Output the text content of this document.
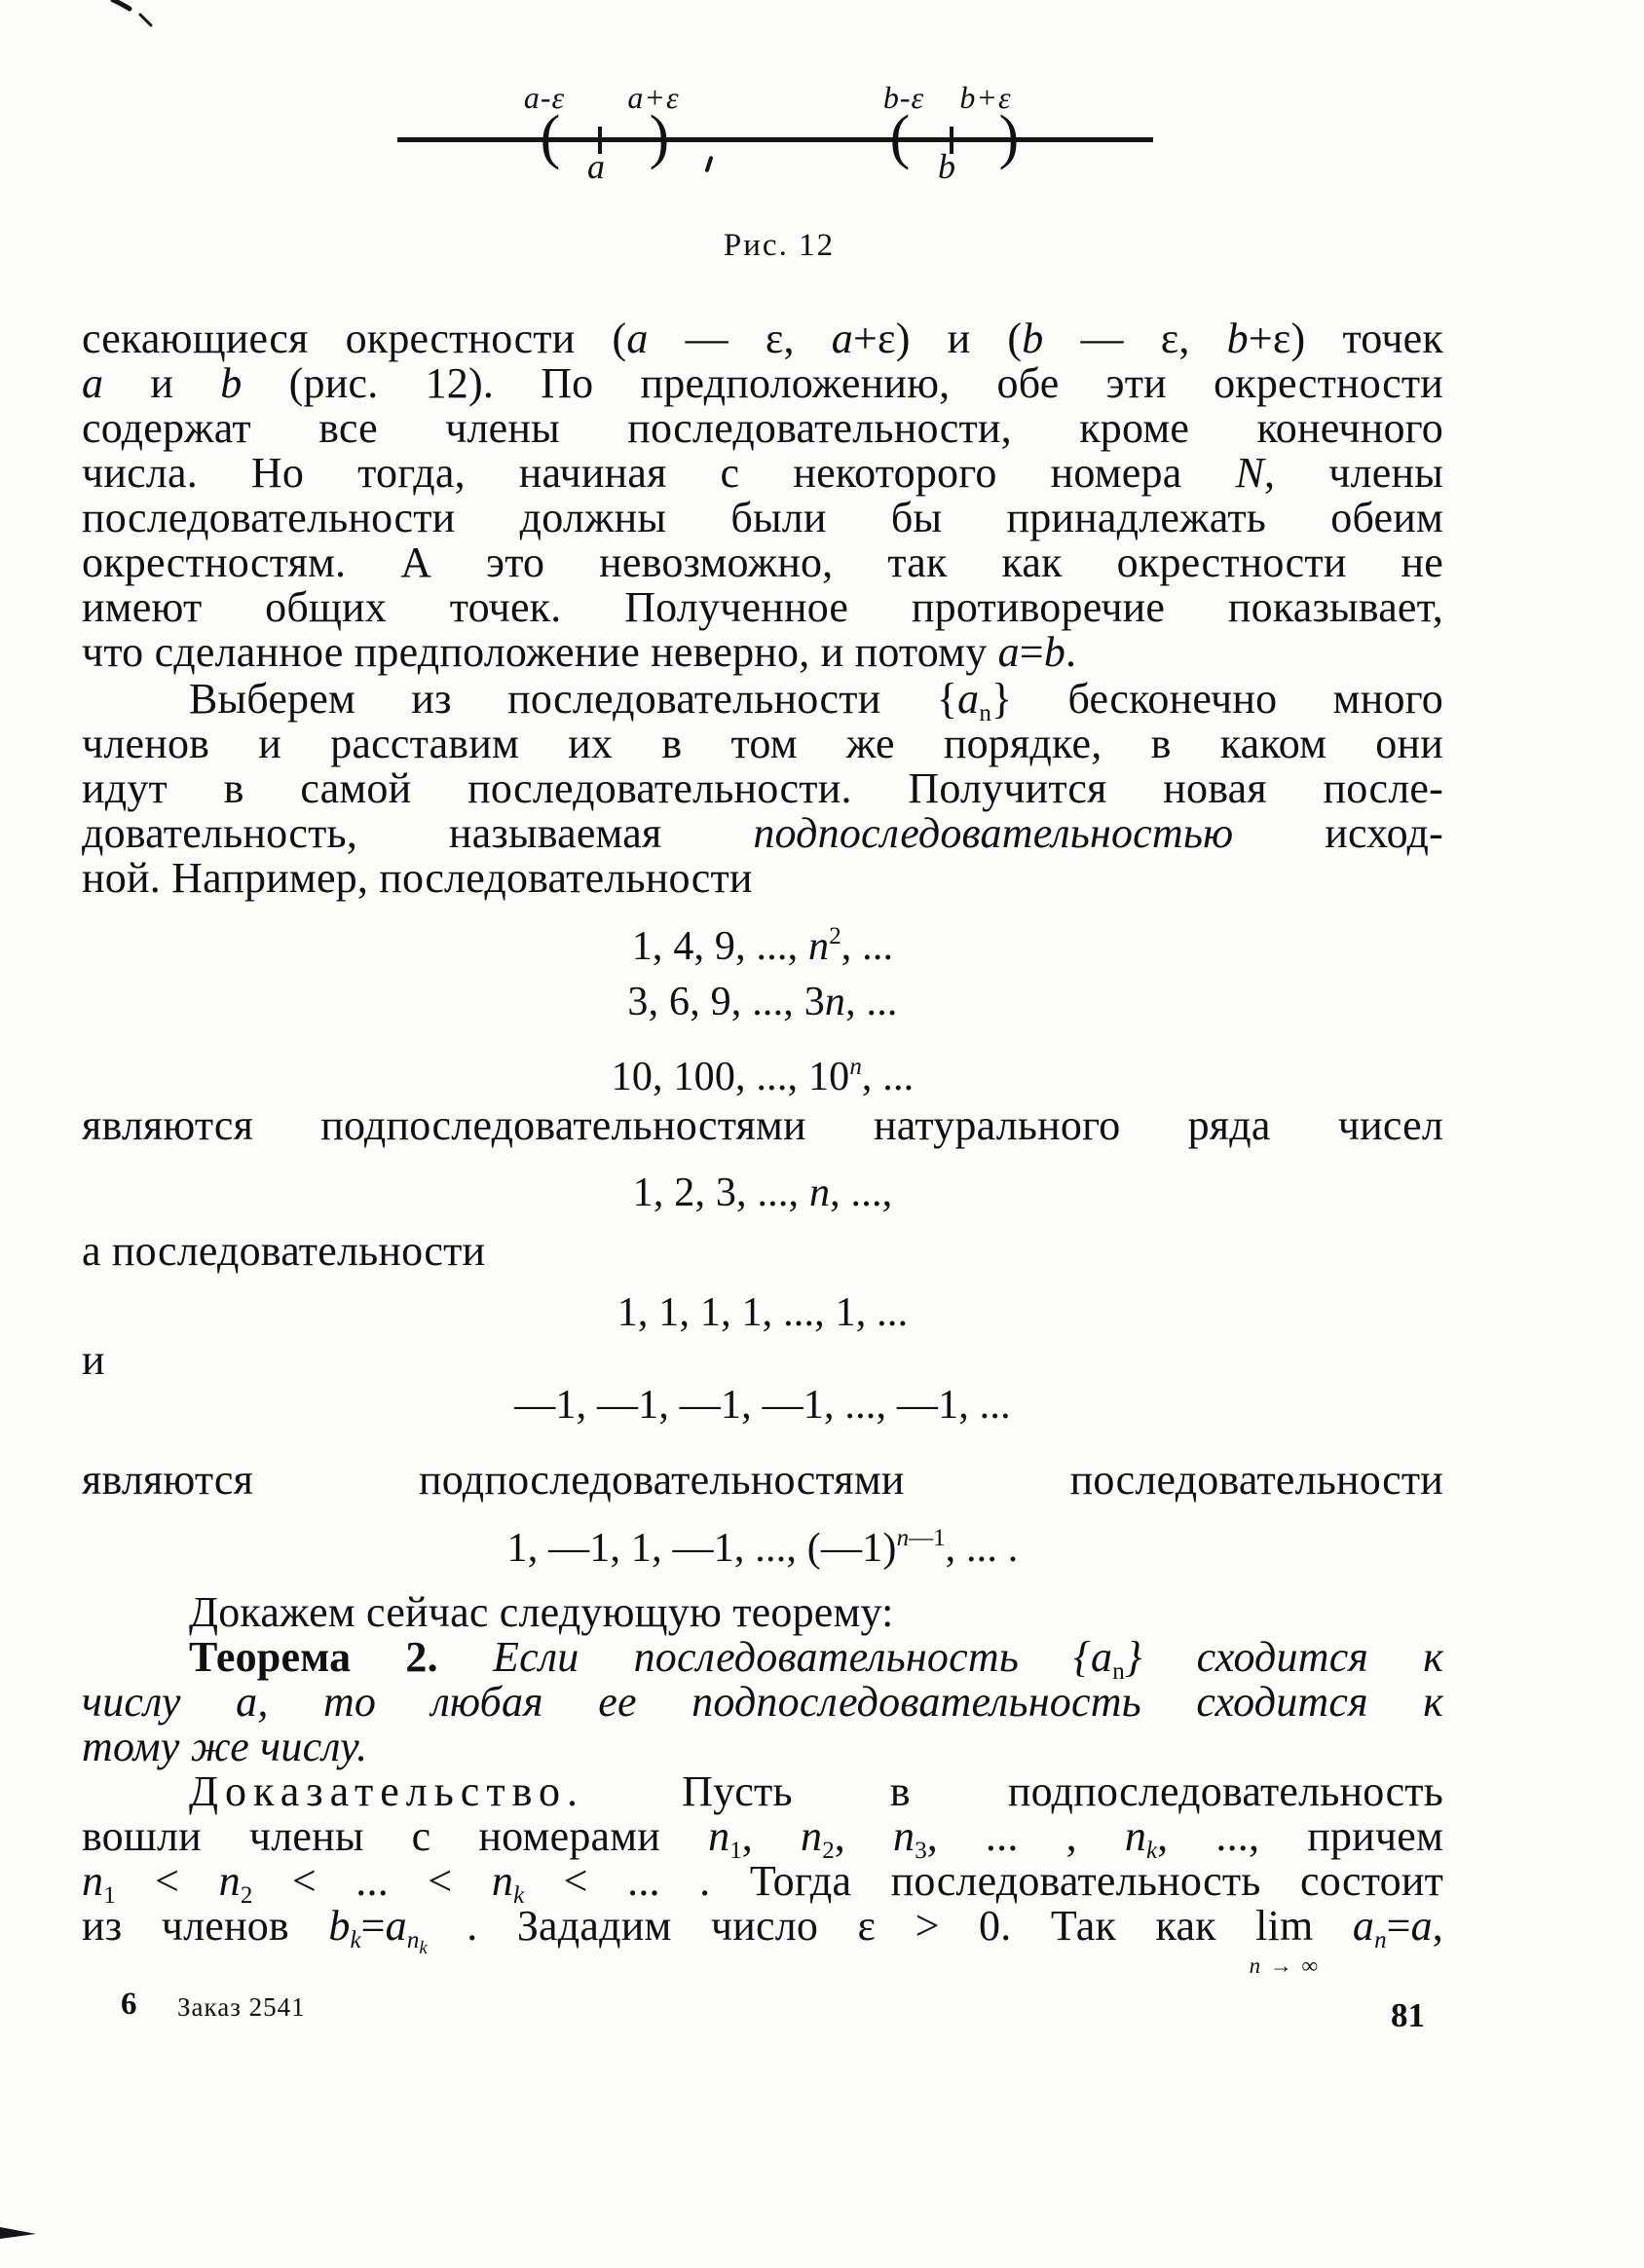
a-ε a+ε	b-ε b+ε
( )	( )
a	b
Рис. 12
секающиеся окрестности (a — ε, a+ε) и (b — ε, b+ε) точек
a и b (рис. 12). По предположению, обе эти окрестности
содержат все члены последовательности, кроме конечного
числа. Но тогда, начиная с некоторого номера N, члены
последовательности должны были бы принадлежать обеим
окрестностям. А это невозможно, так как окрестности не
имеют общих точек. Полученное противоречие показывает,
что сделанное предположение неверно, и потому a=b.
Выберем из последовательности $\{a_n\}$ бесконечно много
членов и расставим их в том же порядке, в каком они
идут в самой последовательности. Получится новая после-
довательность, называемая подпоследовательностью исход-
ной. Например, последовательности
1, 4, 9, ..., $n^2$, ...
3, 6, 9, ..., 3n, ...
10, 100, ..., 10$^n$, ...
являются подпоследовательностями натурального ряда чисел
1, 2, 3, ..., n, ...,
а последовательности
1, 1, 1, 1, ..., 1, ...
и
—1, —1, —1, —1, ..., —1, ...
являются подпоследовательностями последовательности
1, —1, 1, —1, ..., (—1)$^{n—1}$, ... .
Докажем сейчас следующую теорему:
Теорема 2. Если последовательность $\{a_n\}$ сходится к
числу a, то любая ее подпоследовательность сходится к
тому же числу.
Доказательство. Пусть в подпоследовательность
вошли члены с номерами $n_1$, $n_2$, $n_3$, ... , $n_k$, ..., причем
$n_1 < n_2$ < ... < $n_k$ < ... . Тогда последовательность состоит
из членов $b_k=a_{nk}$ . Зададим число ε > 0. Так как lim
n → ∞
$a_n=a$,
6 Заказ 2541	81
